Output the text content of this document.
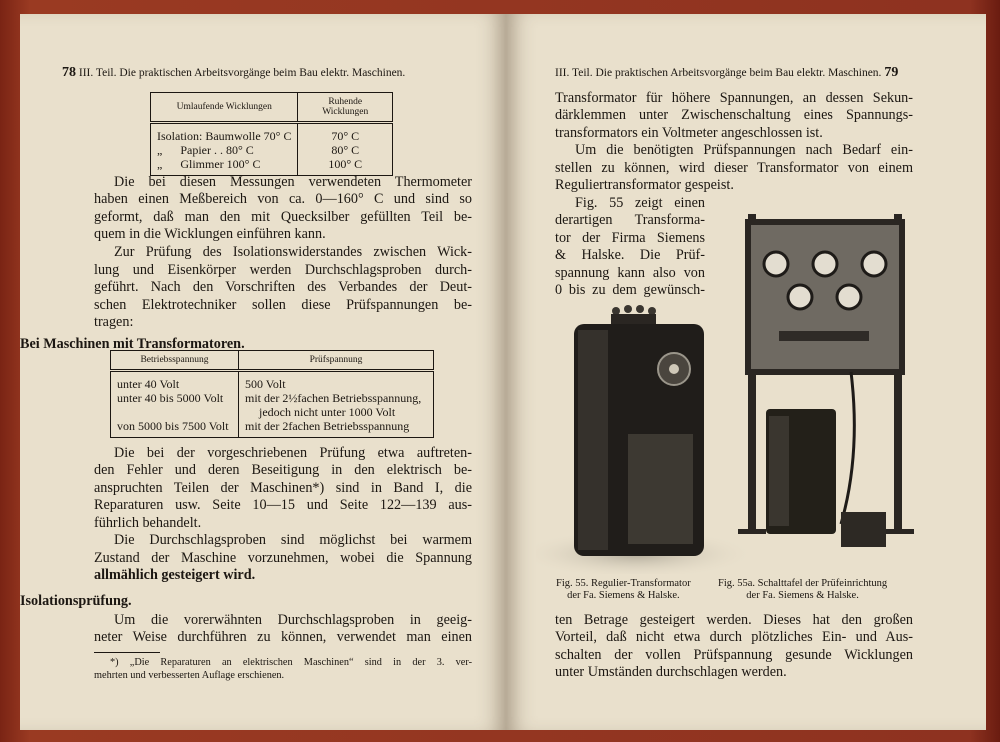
78 III. Teil. Die praktischen Arbeitsvorgänge beim Bau elektr. Maschinen.
Umlaufende Wicklungen	Ruhende Wicklungen
Isolation: Baumwolle 70° C	70° C
„      Papier . . 80° C	80° C
„      Glimmer 100° C	100° C
Die bei diesen Messungen verwendeten Thermometer
haben einen Meßbereich von ca. 0—160° C und sind so
geformt, daß man den mit Quecksilber gefüllten Teil be-
quem in die Wicklungen einführen kann.
Zur Prüfung des Isolationswiderstandes zwischen Wick-
lung und Eisenkörper werden Durchschlagsproben durch-
geführt. Nach den Vorschriften des Verbandes der Deut-
schen Elektrotechniker sollen diese Prüfspannungen be-
tragen:
Bei Maschinen mit Transformatoren.
Betriebsspannung	Prüfspannung
unter 40 Volt	500 Volt
unter 40 bis 5000 Volt	mit der 2½fachen Betriebsspannung,
	jedoch nicht unter 1000 Volt
von 5000 bis 7500 Volt	mit der 2fachen Betriebsspannung
Die bei der vorgeschriebenen Prüfung etwa auftreten-
den Fehler und deren Beseitigung in den elektrisch be-
anspruchten Teilen der Maschinen*) sind in Band I, die
Reparaturen usw. Seite 10—15 und Seite 122—139 aus-
führlich behandelt.
Die Durchschlagsproben sind möglichst bei warmem
Zustand der Maschine vorzunehmen, wobei die Spannung
allmählich gesteigert wird.
Isolationsprüfung.
Um die vorerwähnten Durchschlagsproben in geeig-
neter Weise durchführen zu können, verwendet man einen
*) „Die Reparaturen an elektrischen Maschinen“ sind in der 3. ver-
mehrten und verbesserten Auflage erschienen.
III. Teil. Die praktischen Arbeitsvorgänge beim Bau elektr. Maschinen. 79
Transformator für höhere Spannungen, an dessen Sekun-
därklemmen unter Zwischenschaltung eines Spannungs-
transformators ein Voltmeter angeschlossen ist.
Um die benötigten Prüfspannungen nach Bedarf ein-
stellen zu können, wird dieser Transformator von einem
Reguliertransformator gespeist.
Fig. 55 zeigt einen
derartigen Transforma-
tor der Firma Siemens
& Halske. Die Prüf-
spannung kann also von
0 bis zu dem gewünsch-
Fig. 55. Regulier-Transformator
der Fa. Siemens & Halske.
Fig. 55a. Schalttafel der Prüfeinrichtung
der Fa. Siemens & Halske.
ten Betrage gesteigert werden. Dieses hat den großen
Vorteil, daß nicht etwa durch plötzliches Ein- und Aus-
schalten der vollen Prüfspannung gesunde Wicklungen
unter Umständen durchschlagen werden.
